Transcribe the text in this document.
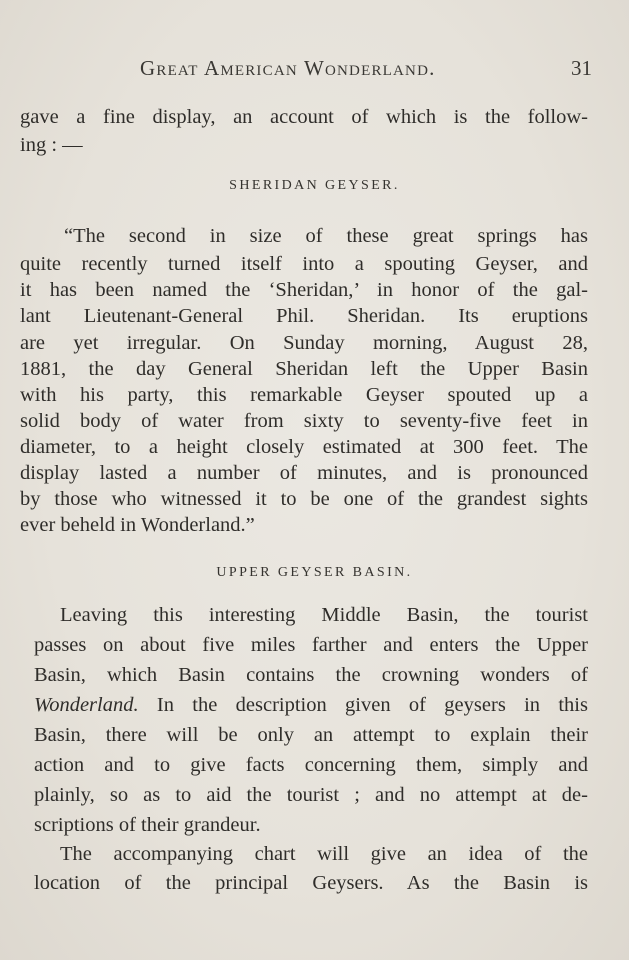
Great American Wonderland.	31
gave a fine display, an account of which is the follow-
ing : —
SHERIDAN GEYSER.
“The second in size of these great springs has
quite recently turned itself into a spouting Geyser, and
it has been named the ‘Sheridan,’ in honor of the gal-
lant Lieutenant-General Phil. Sheridan. Its eruptions
are yet irregular. On Sunday morning, August 28,
1881, the day General Sheridan left the Upper Basin
with his party, this remarkable Geyser spouted up a
solid body of water from sixty to seventy-five feet in
diameter, to a height closely estimated at 300 feet. The
display lasted a number of minutes, and is pronounced
by those who witnessed it to be one of the grandest sights
ever beheld in Wonderland.”
UPPER GEYSER BASIN.
Leaving this interesting Middle Basin, the tourist
passes on about five miles farther and enters the Upper
Basin, which Basin contains the crowning wonders of
Wonderland. In the description given of geysers in this
Basin, there will be only an attempt to explain their
action and to give facts concerning them, simply and
plainly, so as to aid the tourist ; and no attempt at de-
scriptions of their grandeur.
The accompanying chart will give an idea of the
location of the principal Geysers. As the Basin is
